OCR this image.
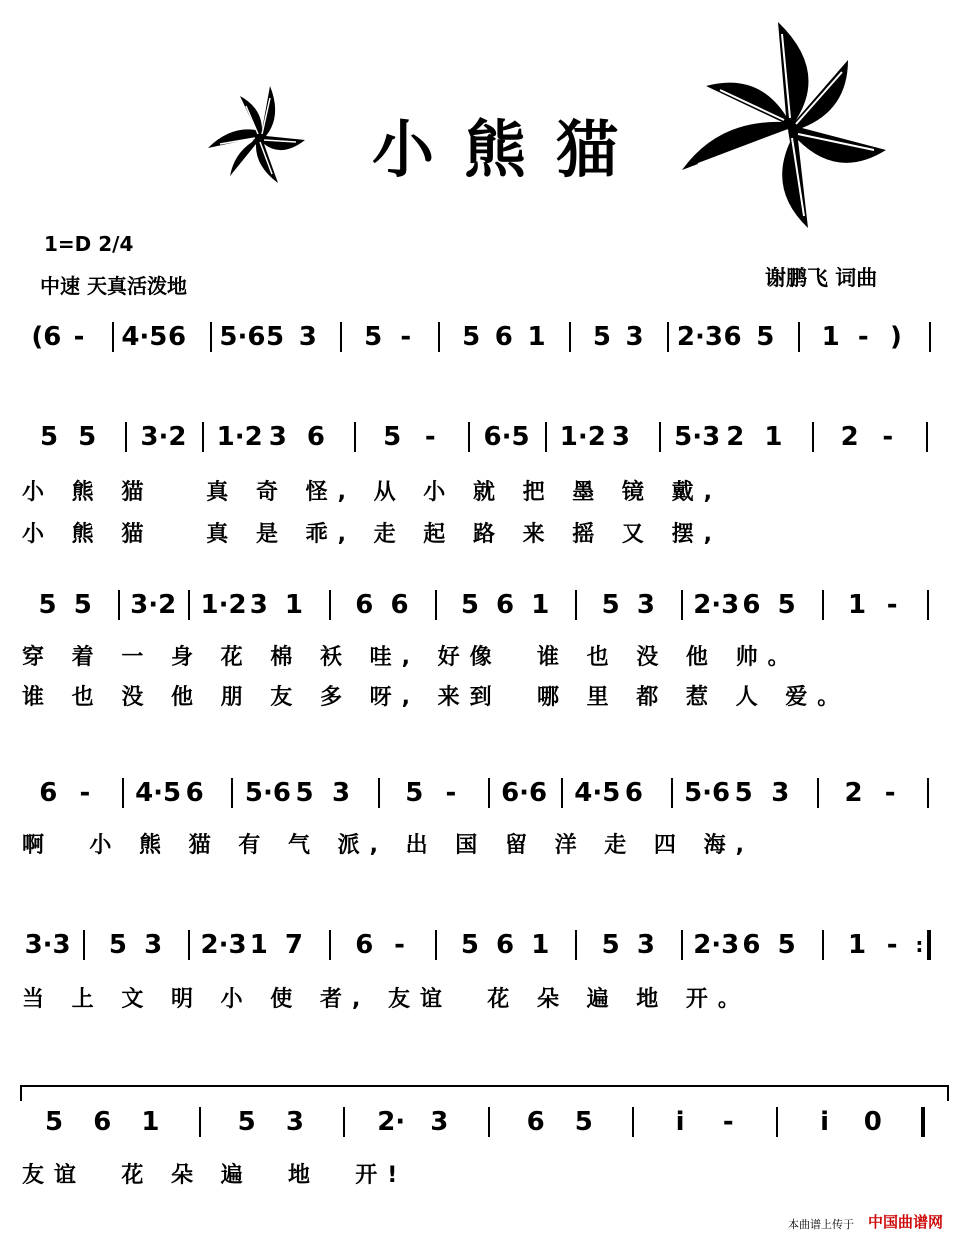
小熊猫
1=D 2/4
中速 天真活泼地	谢鹏飞 词曲
(6 - 4·5 6 5·6 5 3 5 - 5 6 1 5 3 2·3 6 5 1 - )
5 5 3·2 1·2 3 6 5 - 6·5 1·2 3 5·3 2 1 2 -
小 熊 猫   真 奇 怪, 从 小 就 把 墨 镜 戴,
小 熊 猫   真 是 乖, 走 起 路 来 摇 又 摆,
5 5 3·2 1·2 3 1 6 6 5 6 1 5 3 2·3 6 5 1 -
穿 着 一 身 花 棉 袄 哇, 好像  谁 也 没 他 帅。
谁 也 没 他 朋 友 多 呀, 来到  哪 里 都 惹 人 爱。
6 - 4·5 6 5·6 5 3 5 - 6·6 4·5 6 5·6 5 3 2 -
啊  小 熊 猫 有 气 派, 出 国 留 洋 走 四 海,
3·3 5 3 2·3 1 7 6 - 5 6 1 5 3 2·3 6 5 1 - :
当 上 文 明 小 使 者, 友谊  花 朵 遍 地 开。
5 6 1	5 3	2· 3	6 5	i -	i 0
友谊  花 朵 遍  地  开!
本曲谱上传于 中国曲谱网
